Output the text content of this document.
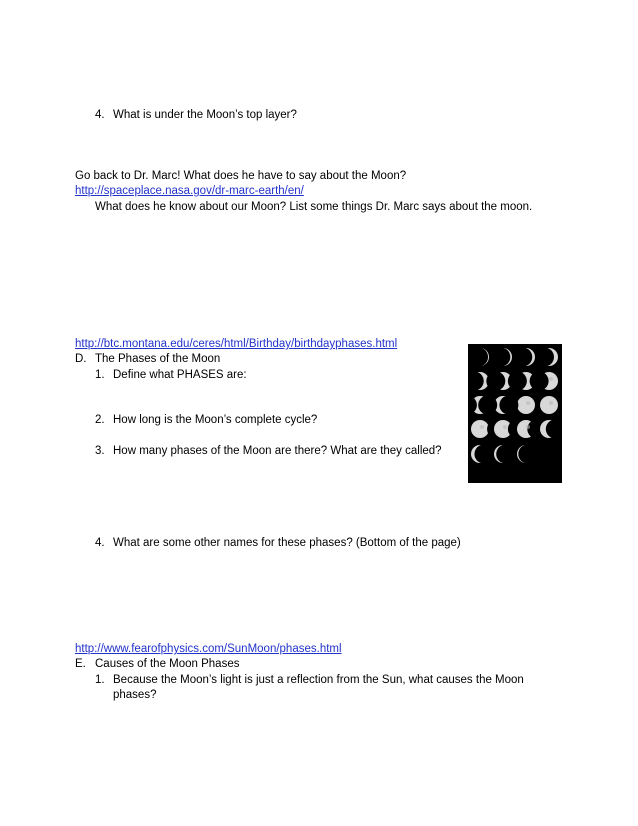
4. What is under the Moon’s top layer?
Go back to Dr. Marc! What does he have to say about the Moon?
http://spaceplace.nasa.gov/dr-marc-earth/en/
What does he know about our Moon? List some things Dr. Marc says about the moon.
http://btc.montana.edu/ceres/html/Birthday/birthdayphases.html
D. The Phases of the Moon
1. Define what PHASES are:
2. How long is the Moon’s complete cycle?
3. How many phases of the Moon are there? What are they called?
4. What are some other names for these phases? (Bottom of the page)
http://www.fearofphysics.com/SunMoon/phases.html
E. Causes of the Moon Phases
1. Because the Moon’s light is just a reflection from the Sun, what causes the Moon
phases?
